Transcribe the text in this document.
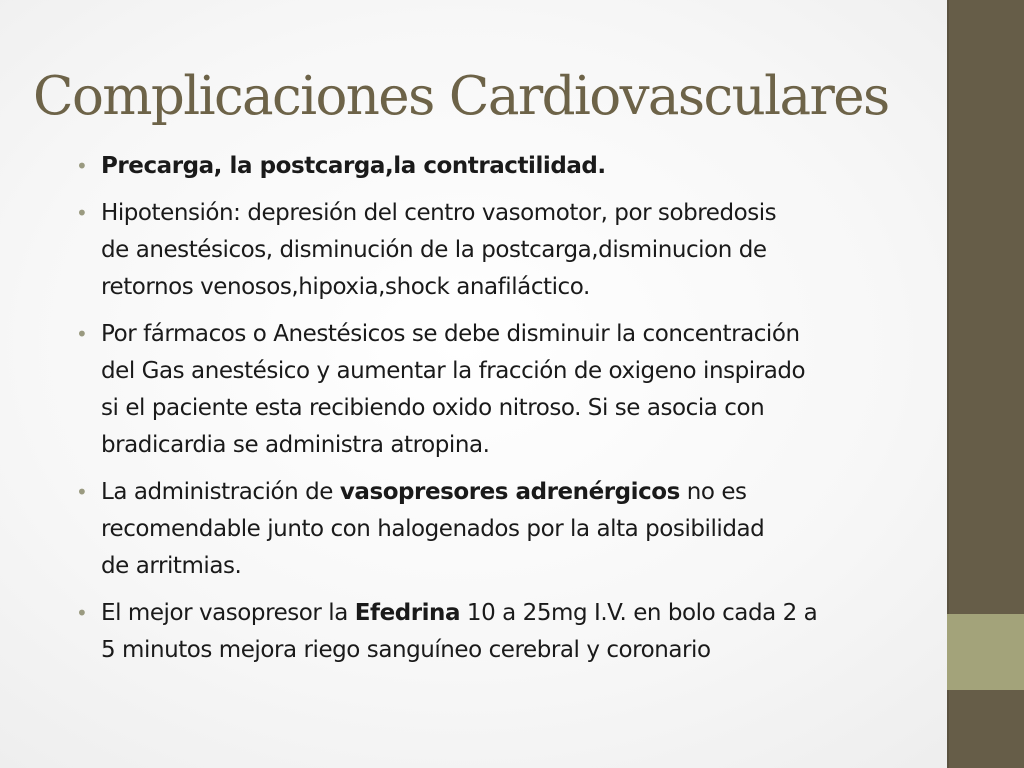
Complicaciones Cardiovasculares
• Precarga, la postcarga,la contractilidad.
• Hipotensión: depresión del centro vasomotor, por sobredosis
de anestésicos, disminución de la postcarga,disminucion de
retornos venosos,hipoxia,shock anafiláctico.
• Por fármacos o Anestésicos se debe disminuir la concentración
del Gas anestésico y aumentar la fracción de oxigeno inspirado
si el paciente esta recibiendo oxido nitroso. Si se asocia con
bradicardia se administra atropina.
• La administración de vasopresores adrenérgicos no es
recomendable junto con halogenados por la alta posibilidad
de arritmias.
• El mejor vasopresor la Efedrina 10 a 25mg I.V. en bolo cada 2 a
5 minutos mejora riego sanguíneo cerebral y coronario
